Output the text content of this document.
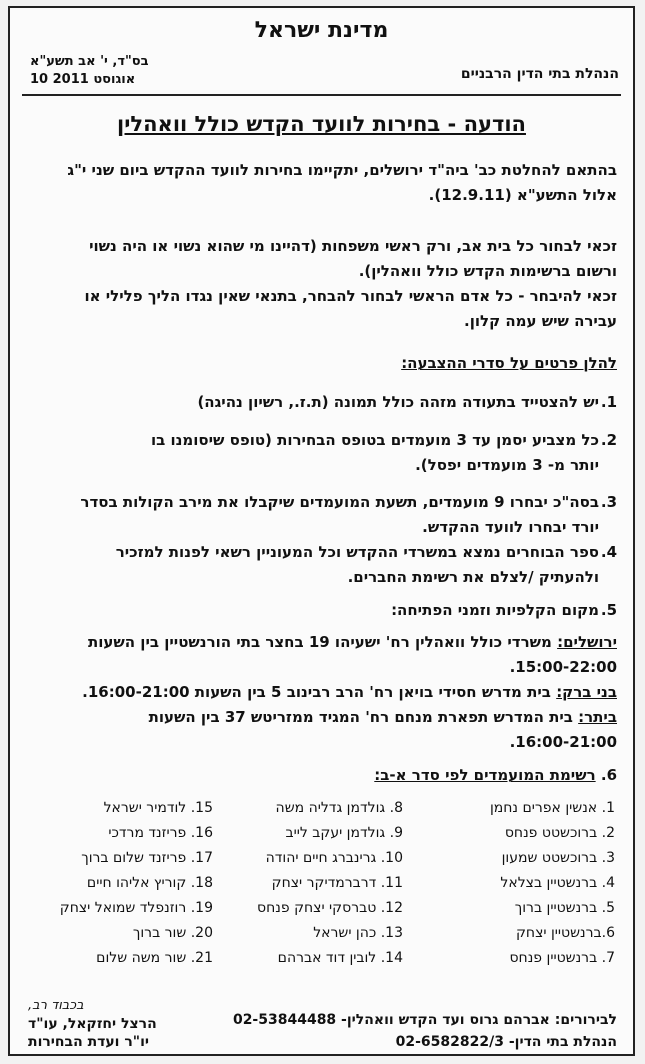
מדינת ישראל
בס"ד, י' אב תשע"א
10 אוגוסט 2011	הנהלת בתי הדין הרבניים
הודעה - בחירות לוועד הקדש כולל וואהלין
בהתאם להחלטת כב' ביה"ד ירושלים, יתקיימו בחירות לוועד ההקדש ביום שני י"ג
אלול התשע"א (12.9.11).
זכאי לבחור כל בית אב, ורק ראשי משפחות (דהיינו מי שהוא נשוי או היה נשוי
ורשום ברשימות הקדש כולל וואהלין).
זכאי להיבחר - כל אדם הראשי לבחור להבחר, בתנאי שאין נגדו הליך פלילי או
עבירה שיש עמה קלון.
להלן פרטים על סדרי ההצבעה:
1.
יש להצטייד בתעודה מזהה כולל תמונה (ת.ז., רשיון נהיגה)
2.
כל מצביע יסמן עד 3 מועמדים בטופס הבחירות (טופס שיסומנו בו
יותר מ- 3 מועמדים יפסל).
3.
בסה"כ יבחרו 9 מועמדים, תשעת המועמדים שיקבלו את מירב הקולות בסדר
יורד יבחרו לוועד ההקדש.
4.
ספר הבוחרים נמצא במשרדי ההקדש וכל המעוניין רשאי לפנות למזכיר
ולהעתיק /לצלם את רשימת החברים.
5.
מקום הקלפיות וזמני הפתיחה:
ירושלים: משרדי כולל וואהלין רח' ישעיהו 19 בחצר בתי הורנשטיין בין השעות
15:00-22:00.
בני ברק: בית מדרש חסידי בויאן רח' הרב רבינוב 5 בין השעות 16:00-21:00.
ביתר: בית המדרש תפארת מנחם רח' המגיד ממזריטש 37 בין השעות
16:00-21:00.
6. רשימת המועמדים לפי סדר א-ב:
1. אנשין אפרים נחמן
2. ברוכשטט פנחס
3. ברוכשטט שמעון
4. ברנשטיין בצלאל
5. ברנשטיין ברוך
6.ברנשטיין יצחק
7. ברנשטיין פנחס
8. גולדמן גדליה משה
9. גולדמן יעקב לייב
10. גרינברג חיים יהודה
11. דרברמדיקר יצחק
12. טברסקי יצחק פנחס
13. כהן ישראל
14. לובין דוד אברהם
15. לודמיר ישראל
16. פריזנד מרדכי
17. פריזנד שלום ברוך
18. קוריץ אליהו חיים
19. רוזנפלד שמואל יצחק
20. שור ברוך
21. שור משה שלום
בכבוד רב,
לבירורים: אברהם גרוס ועד הקדש וואהלין- 02-53844488
הנהלת בתי הדין- 02-6582822/3
הרצל יחזקאל, עו"ד
יו"ר ועדת הבחירות
